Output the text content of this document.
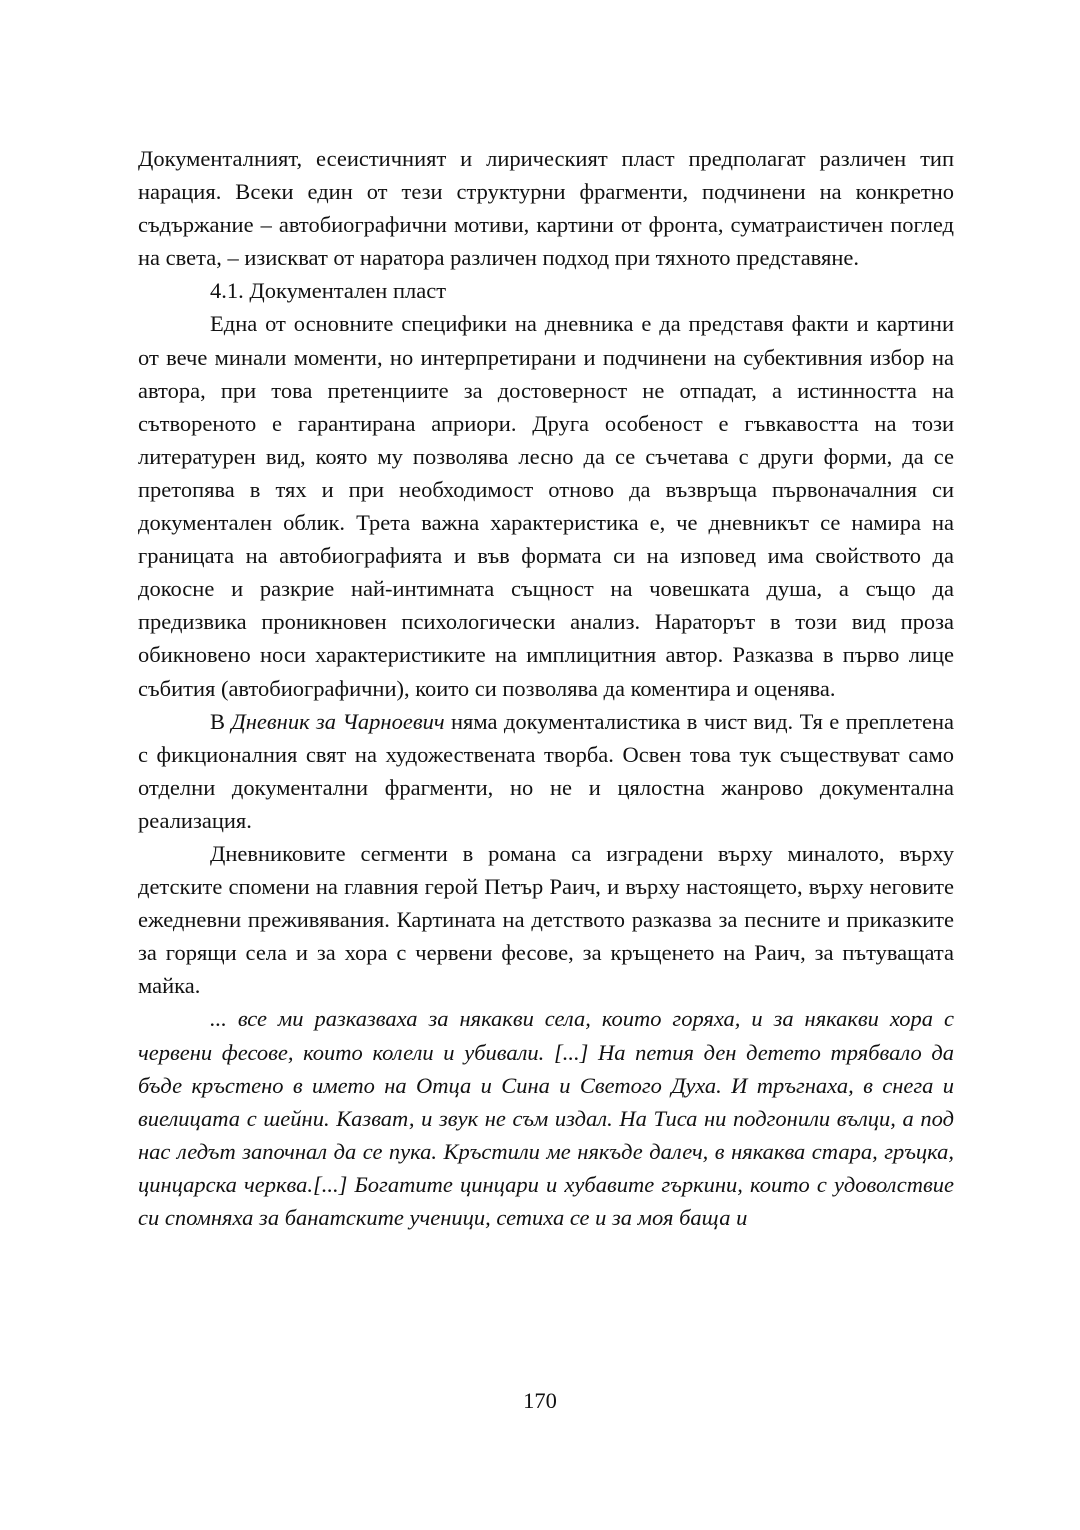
Документалният, есеистичният и лирическият пласт предполагат различен тип нарация. Всеки един от тези структурни фрагменти, подчинени на конкретно съдържание – автобиографични мотиви, картини от фронта, суматраистичен поглед на света, – изискват от наратора различен подход при тяхното представяне.

4.1. Документален пласт

Една от основните специфики на дневника е да представя факти и картини от вече минали моменти, но интерпретирани и подчинени на субективния избор на автора, при това претенциите за достоверност не отпадат, а истинността на сътвореното е гарантирана априори. Друга особеност е гъвкавостта на този литературен вид, която му позволява лесно да се съчетава с други форми, да се претопява в тях и при необходимост отново да възвръща първоначалния си документален облик. Трета важна характеристика е, че дневникът се намира на границата на автобиографията и във формата си на изповед има свойството да докосне и разкрие най-интимната същност на човешката душа, а също да предизвика проникновен психологически анализ. Нараторът в този вид проза обикновено носи характеристиките на имплицитния автор. Разказва в първо лице събития (автобиографични), които си позволява да коментира и оценява.

В Дневник за Чарноевич няма документалистика в чист вид. Тя е преплетена с фикционалния свят на художествената творба. Освен това тук съществуват само отделни документални фрагменти, но не и цялостна жанрово документална реализация.

Дневниковите сегменти в романа са изградени върху миналото, върху детските спомени на главния герой Петър Раич, и върху настоящето, върху неговите ежедневни преживявания. Картината на детството разказва за песните и приказките за горящи села и за хора с червени фесове, за кръщенето на Раич, за пътуващата майка.

... все ми разказваха за някакви села, които горяха, и за някакви хора с червени фесове, които колели и убивали. [...] На петия ден детето трябвало да бъде кръстено в името на Отца и Сина и Светого Духа. И тръгнаха, в снега и виелицата с шейни. Казват, и звук не съм издал. На Тиса ни подгонили вълци, а под нас ледът започнал да се пука. Кръстили ме някъде далеч, в някаква стара, гръцка, цинцарска черква.[...] Богатите цинцари и хубавите гъркини, които с удоволствие си спомняха за банатските ученици, сетиха се и за моя баща и

170
